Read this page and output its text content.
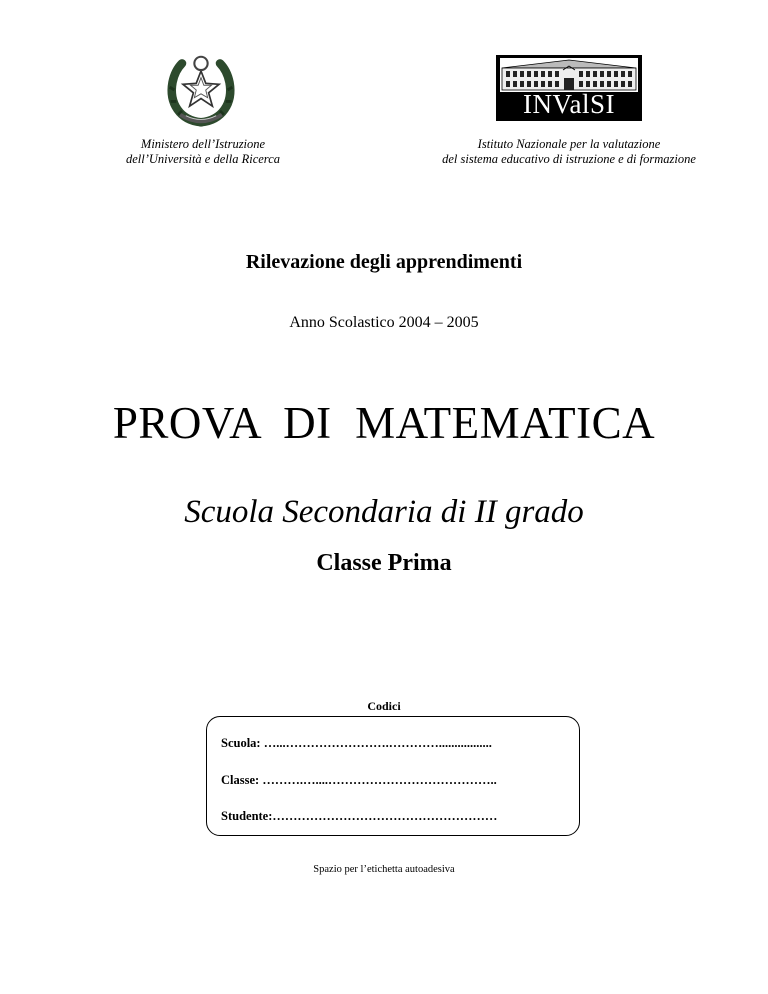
Ministero dell’Istruzione
dell’Università e della Ricerca
INValSI
Istituto Nazionale per la valutazione
del sistema educativo di istruzione e di formazione
Rilevazione degli apprendimenti
Anno Scolastico 2004 – 2005
PROVA  DI  MATEMATICA
Scuola Secondaria di II grado
Classe Prima
Codici
Scuola: …...…………………….………….................
Classe: ……….…....…………………………………..
Studente:………………………………………………
Spazio per l’etichetta autoadesiva
